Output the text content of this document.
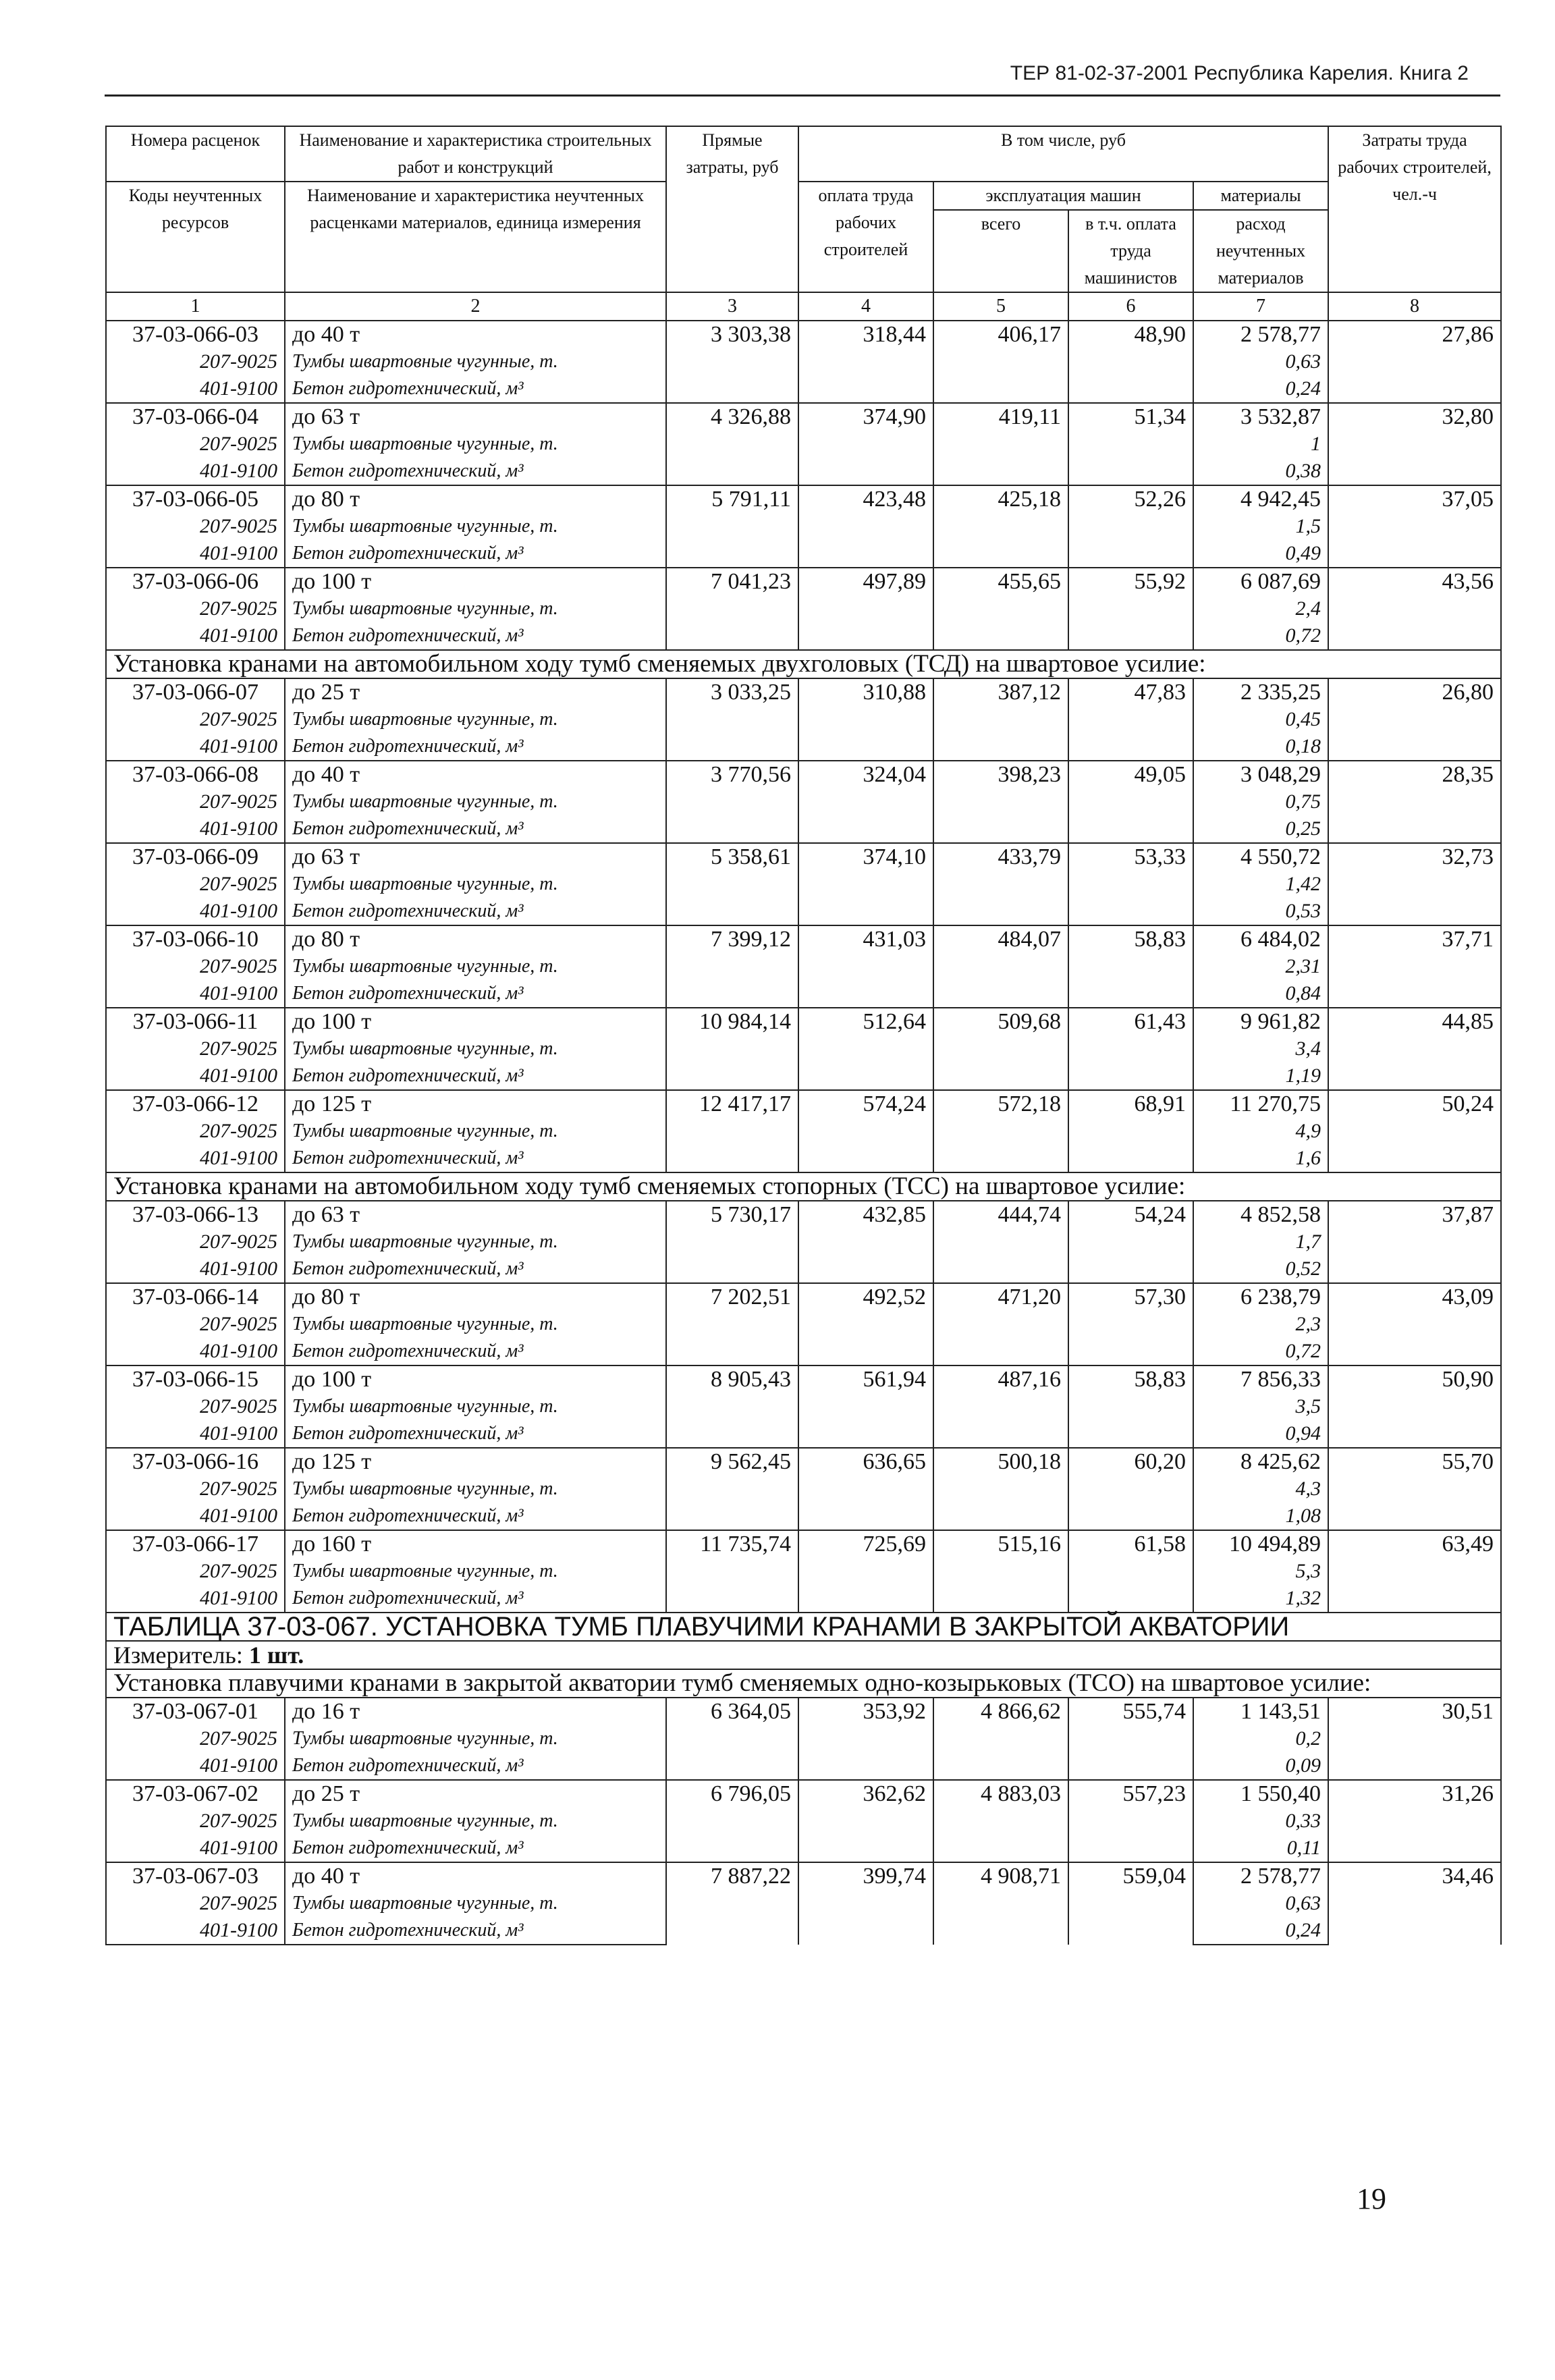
ТЕР 81-02-37-2001 Республика Карелия. Книга 2
Номера расценок	Наименование и характеристика строительных работ и конструкций	Прямые затраты, руб	В том числе, руб				Затраты труда рабочих строителей, чел.-ч
Коды неучтенных ресурсов	Наименование и характеристика неучтенных расценками материалов, единица измерения		оплата труда рабочих строителей	эксплуатация машин		материалы	
				всего	в т.ч. оплата труда машинистов	расход неучтенных материалов	
1	2	3	4	5	6	7	8
37-03-066-03	до 40 т	3 303,38	318,44	406,17	48,90	2 578,77	27,86
207-9025	Тумбы швартовные чугунные, т.					0,63	
401-9100	Бетон гидротехнический, м³					0,24	
37-03-066-04	до 63 т	4 326,88	374,90	419,11	51,34	3 532,87	32,80
207-9025	Тумбы швартовные чугунные, т.					1	
401-9100	Бетон гидротехнический, м³					0,38	
37-03-066-05	до 80 т	5 791,11	423,48	425,18	52,26	4 942,45	37,05
207-9025	Тумбы швартовные чугунные, т.					1,5	
401-9100	Бетон гидротехнический, м³					0,49	
37-03-066-06	до 100 т	7 041,23	497,89	455,65	55,92	6 087,69	43,56
207-9025	Тумбы швартовные чугунные, т.					2,4	
401-9100	Бетон гидротехнический, м³					0,72	
Установка кранами на автомобильном ходу тумб сменяемых двухголовых (ТСД) на швартовое усилие:							
37-03-066-07	до 25 т	3 033,25	310,88	387,12	47,83	2 335,25	26,80
207-9025	Тумбы швартовные чугунные, т.					0,45	
401-9100	Бетон гидротехнический, м³					0,18	
37-03-066-08	до 40 т	3 770,56	324,04	398,23	49,05	3 048,29	28,35
207-9025	Тумбы швартовные чугунные, т.					0,75	
401-9100	Бетон гидротехнический, м³					0,25	
37-03-066-09	до 63 т	5 358,61	374,10	433,79	53,33	4 550,72	32,73
207-9025	Тумбы швартовные чугунные, т.					1,42	
401-9100	Бетон гидротехнический, м³					0,53	
37-03-066-10	до 80 т	7 399,12	431,03	484,07	58,83	6 484,02	37,71
207-9025	Тумбы швартовные чугунные, т.					2,31	
401-9100	Бетон гидротехнический, м³					0,84	
37-03-066-11	до 100 т	10 984,14	512,64	509,68	61,43	9 961,82	44,85
207-9025	Тумбы швартовные чугунные, т.					3,4	
401-9100	Бетон гидротехнический, м³					1,19	
37-03-066-12	до 125 т	12 417,17	574,24	572,18	68,91	11 270,75	50,24
207-9025	Тумбы швартовные чугунные, т.					4,9	
401-9100	Бетон гидротехнический, м³					1,6	
Установка кранами на автомобильном ходу тумб сменяемых стопорных (ТСС) на швартовое усилие:							
37-03-066-13	до 63 т	5 730,17	432,85	444,74	54,24	4 852,58	37,87
207-9025	Тумбы швартовные чугунные, т.					1,7	
401-9100	Бетон гидротехнический, м³					0,52	
37-03-066-14	до 80 т	7 202,51	492,52	471,20	57,30	6 238,79	43,09
207-9025	Тумбы швартовные чугунные, т.					2,3	
401-9100	Бетон гидротехнический, м³					0,72	
37-03-066-15	до 100 т	8 905,43	561,94	487,16	58,83	7 856,33	50,90
207-9025	Тумбы швартовные чугунные, т.					3,5	
401-9100	Бетон гидротехнический, м³					0,94	
37-03-066-16	до 125 т	9 562,45	636,65	500,18	60,20	8 425,62	55,70
207-9025	Тумбы швартовные чугунные, т.					4,3	
401-9100	Бетон гидротехнический, м³					1,08	
37-03-066-17	до 160 т	11 735,74	725,69	515,16	61,58	10 494,89	63,49
207-9025	Тумбы швартовные чугунные, т.					5,3	
401-9100	Бетон гидротехнический, м³					1,32	
ТАБЛИЦА 37-03-067. УСТАНОВКА ТУМБ ПЛАВУЧИМИ КРАНАМИ В ЗАКРЫТОЙ АКВАТОРИИ							
Измеритель: 1 шт.							
Установка плавучими кранами в закрытой акватории тумб сменяемых одно-козырьковых (ТСО) на швартовое усилие:							
37-03-067-01	до 16 т	6 364,05	353,92	4 866,62	555,74	1 143,51	30,51
207-9025	Тумбы швартовные чугунные, т.					0,2	
401-9100	Бетон гидротехнический, м³					0,09	
37-03-067-02	до 25 т	6 796,05	362,62	4 883,03	557,23	1 550,40	31,26
207-9025	Тумбы швартовные чугунные, т.					0,33	
401-9100	Бетон гидротехнический, м³					0,11	
37-03-067-03	до 40 т	7 887,22	399,74	4 908,71	559,04	2 578,77	34,46
207-9025	Тумбы швартовные чугунные, т.					0,63	
401-9100	Бетон гидротехнический, м³					0,24	
19
